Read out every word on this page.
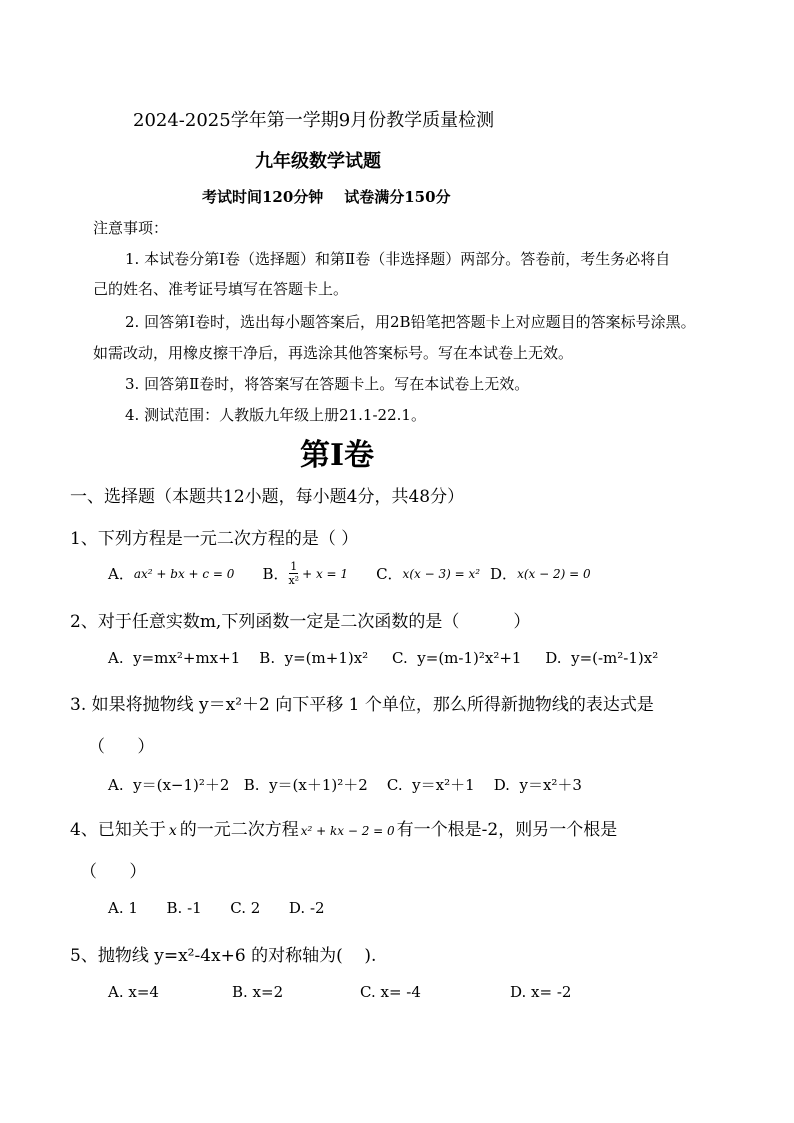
2024-2025学年第一学期9月份教学质量检测
九年级数学试题
考试时间120分钟    试卷满分150分
注意事项：
1. 本试卷分第Ⅰ卷（选择题）和第Ⅱ卷（非选择题）两部分。答卷前，考生务必将自
己的姓名、准考证号填写在答题卡上。
2. 回答第Ⅰ卷时，选出每小题答案后，用2B铅笔把答题卡上对应题目的答案标号涂黑。
如需改动，用橡皮擦干净后，再选涂其他答案标号。写在本试卷上无效。
3. 回答第Ⅱ卷时，将答案写在答题卡上。写在本试卷上无效。
4. 测试范围：人教版九年级上册21.1-22.1。
第Ⅰ卷
一、选择题（本题共12小题，每小题4分，共48分）
1、下列方程是一元二次方程的是（ ）
A． ax² + bx + c = 0 B． $\frac{1}{\text{x²}} + x = 1$ C． x(x − 3) = x² D． x(x − 2) = 0
2、对于任意实数m,下列函数一定是二次函数的是（          ）
A.  y=mx²+mx+1    B.  y=(m+1)x²     C.  y=(m-1)²x²+1     D.  y=(-m²-1)x²
3. 如果将抛物线 y＝x²＋2 向下平移 1 个单位，那么所得新抛物线的表达式是
（      ）
A.  y＝(x−1)²＋2   B.  y＝(x＋1)²＋2    C.  y＝x²＋1    D.  y＝x²＋3
4、已知关于 x 的一元二次方程 x² + kx − 2 = 0 有一个根是-2，则另一个根是
（      ）
A. 1      B. -1      C. 2      D. -2
5、抛物线 y=x²-4x+6 的对称轴为(    ).
A. x=4	B. x=2	C. x= -4	D. x= -2
